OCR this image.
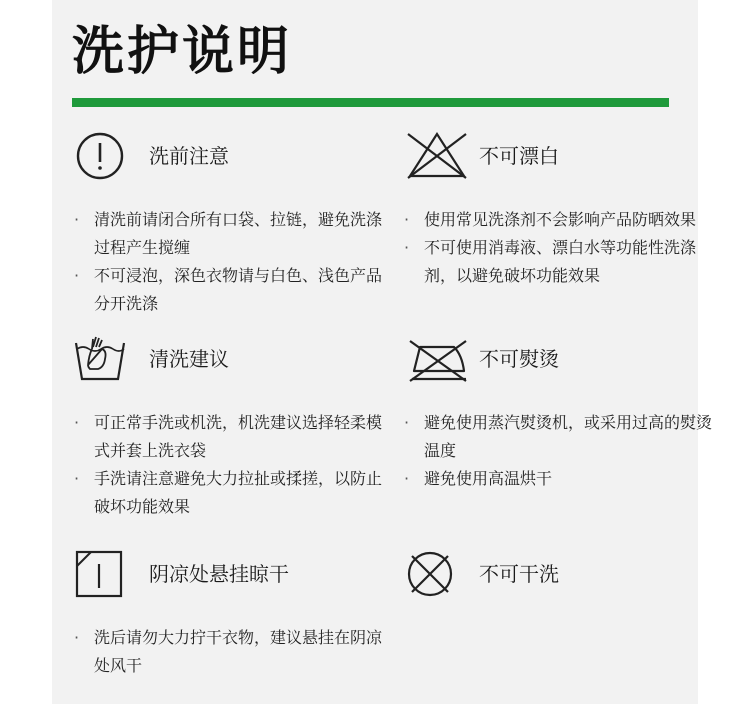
洗护说明
洗前注意
· 清洗前请闭合所有口袋、拉链，避免洗涤过程产生搅缠
· 不可浸泡，深色衣物请与白色、浅色产品分开洗涤
不可漂白
· 使用常见洗涤剂不会影响产品防晒效果
· 不可使用消毒液、漂白水等功能性洗涤剂，以避免破坏功能效果
清洗建议
· 可正常手洗或机洗，机洗建议选择轻柔模式并套上洗衣袋
· 手洗请注意避免大力拉扯或揉搓，以防止破坏功能效果
不可熨烫
· 避免使用蒸汽熨烫机，或采用过高的熨烫温度
· 避免使用高温烘干
阴凉处悬挂晾干
· 洗后请勿大力拧干衣物，建议悬挂在阴凉处风干
不可干洗
